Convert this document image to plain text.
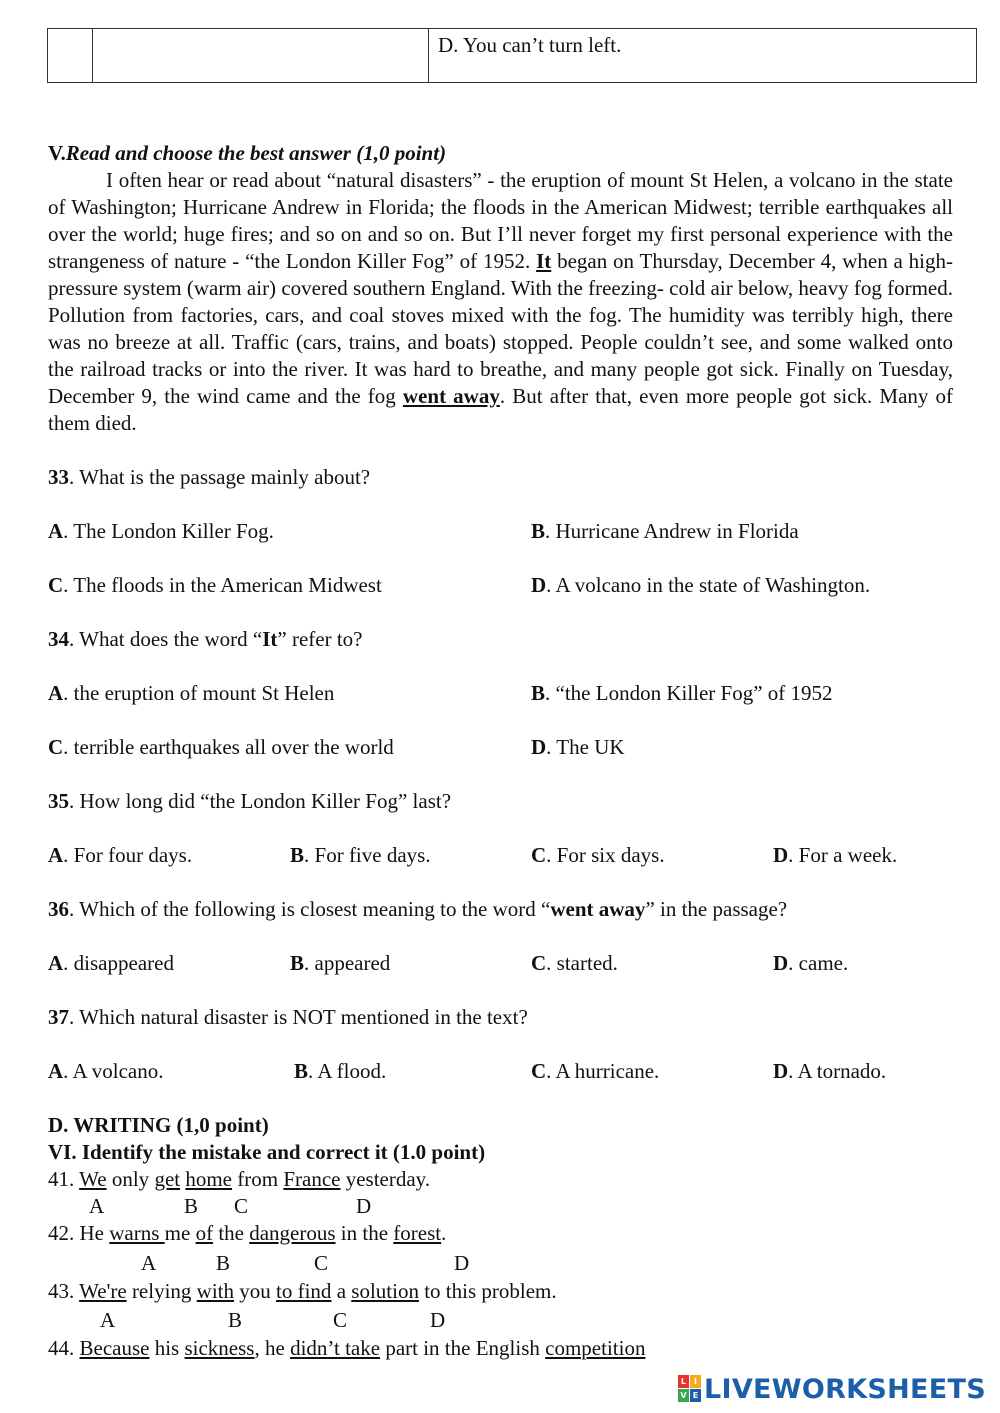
D. You can’t turn left.
V.Read and choose the best answer (1,0 point)
I often hear or read about “natural disasters” - the eruption of mount St Helen, a volcano in the state of Washington; Hurricane Andrew in Florida; the floods in the American Midwest; terrible earthquakes all over the world; huge fires; and so on and so on. But I’ll never forget my first personal experience with the strangeness of nature - “the London Killer Fog” of 1952. It began on Thursday, December 4, when a high- pressure system (warm air) covered southern England. With the freezing- cold air below, heavy fog formed. Pollution from factories, cars, and coal stoves mixed with the fog. The humidity was terribly high, there was no breeze at all. Traffic (cars, trains, and boats) stopped. People couldn’t see, and some walked onto the railroad tracks or into the river. It was hard to breathe, and many people got sick. Finally on Tuesday, December 9, the wind came and the fog went away. But after that, even more people got sick. Many of them died.
33. What is the passage mainly about?
A. The London Killer Fog.	B. Hurricane Andrew in Florida
C. The floods in the American Midwest	D. A volcano in the state of Washington.
34. What does the word “It” refer to?
A. the eruption of mount St Helen	B. “the London Killer Fog” of 1952
C. terrible earthquakes all over the world	D. The UK
35. How long did “the London Killer Fog” last?
A. For four days.	B. For five days.	C. For six days.	D. For a week.
36. Which of the following is closest meaning to the word “went away” in the passage?
A. disappeared	B. appeared	C. started.	D. came.
37. Which natural disaster is NOT mentioned in the text?
A. A volcano.	B. A flood.	C. A hurricane.	D. A tornado.
D. WRITING (1,0 point)
VI. Identify the mistake and correct it (1.0 point)
41. We only get home from France yesterday.
A	B C	D
42. He warns me of the dangerous in the forest.
A	B	C	D
43. We're relying with you to find a solution to this problem.
A	B	C	D
44. Because his sickness, he didn’t take part in the English competition
L I
V E LIVEWORKSHEETS
